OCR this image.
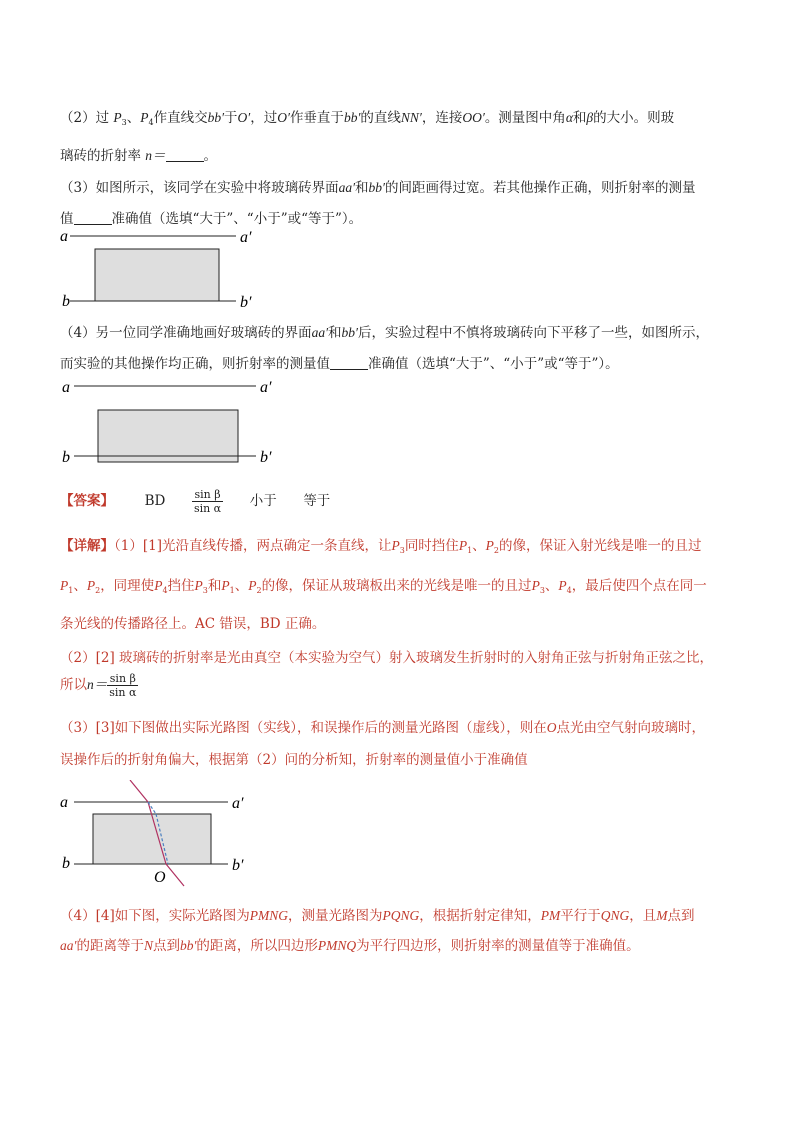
（2）过 $P_3$、$P_4$作直线交bb′于O′，过O′作垂直于bb′的直线NN′，连接OO′。测量图中角α和β的大小。则玻
璃砖的折射率 n＝	。
（3）如图所示，该同学在实验中将玻璃砖界面aa′和bb′的间距画得过宽。若其他操作正确，则折射率的测量
值	准确值（选填“大于”、“小于”或“等于”）。
a	a′
b	b′
（4）另一位同学准确地画好玻璃砖的界面aa′和bb′后，实验过程中不慎将玻璃砖向下平移了一些，如图所示，
而实验的其他操作均正确，则折射率的测量值	准确值（选填“大于”、“小于”或“等于”）。
a	a′
b	b′
【答案】 BD $\frac{\text{sin β}}{\text{sin α}}$ 小于 等于
【详解】（1）[1]光沿直线传播，两点确定一条直线，让$P_3$同时挡住$P_1$、$P_2$的像，保证入射光线是唯一的且过
$P_1$、$P_2$，同理使$P_4$挡住$P_3$和$P_1$、$P_2$的像，保证从玻璃板出来的光线是唯一的且过$P_3$、$P_4$，最后使四个点在同一
条光线的传播路径上。AC 错误，BD 正确。
（2）[2] 玻璃砖的折射率是光由真空（本实验为空气）射入玻璃发生折射时的入射角正弦与折射角正弦之比，
所以$n= \frac{\text{sin β}}{\text{sin α}}$
（3）[3]如下图做出实际光路图（实线），和误操作后的测量光路图（虚线），则在O点光由空气射向玻璃时，
误操作后的折射角偏大，根据第（2）问的分析知，折射率的测量值小于准确值
a	a′
b	b′
O
（4）[4]如下图，实际光路图为PMNG，测量光路图为PQNG，根据折射定律知，PM平行于QNG，且M点到
aa′的距离等于N点到bb′的距离，所以四边形PMNQ为平行四边形，则折射率的测量值等于准确值。
